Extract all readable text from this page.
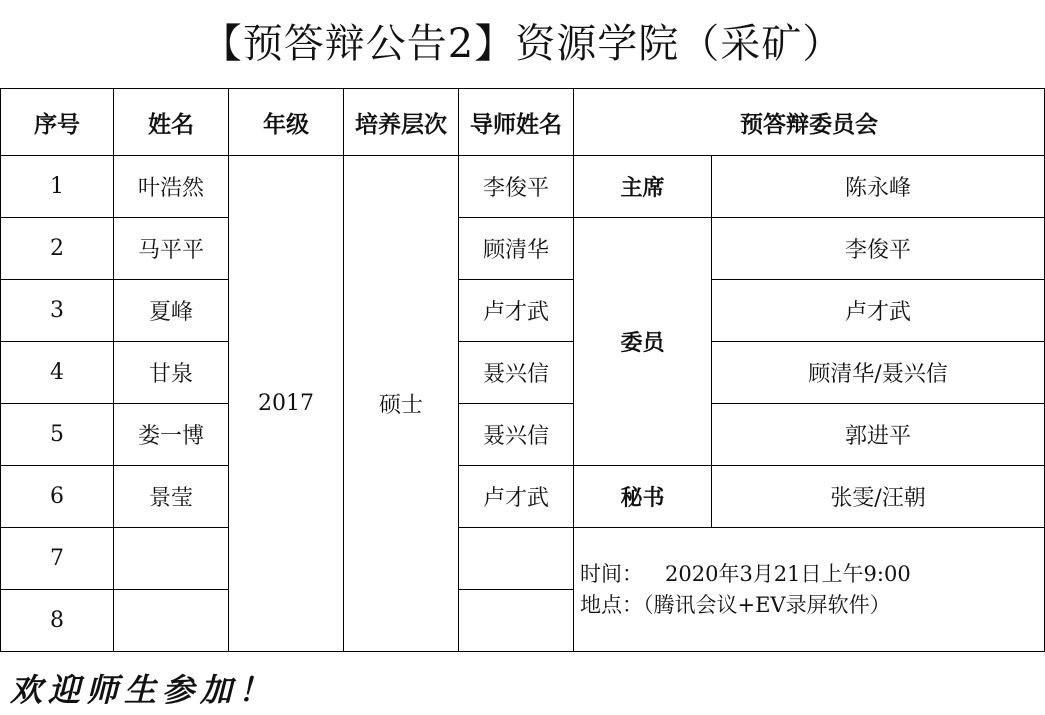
【预答辩公告2】资源学院（采矿）
序号	姓名	年级	培养层次	导师姓名	预答辩委员会	
1	叶浩然	2017	硕士	李俊平	主席	陈永峰
2	马平平			顾清华	委员	李俊平
3	夏峰			卢才武		卢才武
4	甘泉			聂兴信		顾清华/聂兴信
5	娄一博			聂兴信		郭进平
6	景莹			卢才武	秘书	张雯/汪朝
7					时间： 2020年3月21日上午9:00
地点：（腾讯会议+EV录屏软件）	

8						
欢迎师生参加！
